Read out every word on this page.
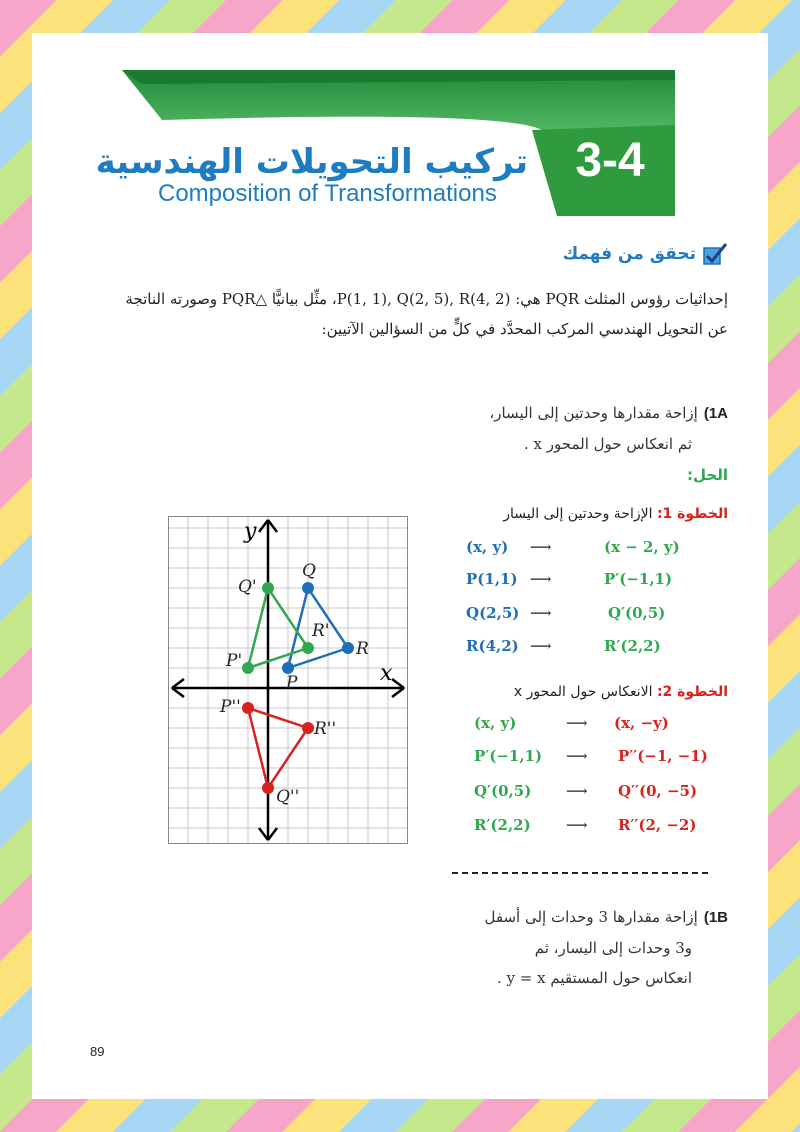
3-4
تركيب التحويلات الهندسية
Composition of Transformations
تحقق من فهمك
إحداثيات رؤوس المثلث PQR هي: P(1, 1), Q(2, 5), R(4, 2)، مثِّل بيانيًّا △PQR وصورته الناتجة
عن التحويل الهندسي المركب المحدَّد في كلٍّ من السؤالين الآتيين:
1A)إزاحة مقدارها وحدتين إلى اليسار،
ثم انعكاس حول المحور x .
الحل:
الخطوة 1: الإزاحة وحدتين إلى اليسار
(x, y) ⟶	(x − 2, y)
P(1,1) ⟶	P′(−1,1)
Q(2,5) ⟶	Q′(0,5)
R(4,2) ⟶	R′(2,2)
الخطوة 2: الانعكاس حول المحور x
(x, y)	⟶ (x, −y)
P′(−1,1) ⟶ P′′(−1, −1)
Q′(0,5) ⟶ Q′′(0, −5)
R′(2,2) ⟶ R′′(2, −2)
1B)إزاحة مقدارها 3 وحدات إلى أسفل
و3 وحدات إلى اليسار، ثم
انعكاس حول المستقيم y = x .
x
y
P
Q
R
P'
Q'
R'
P''
Q''
R''
89
